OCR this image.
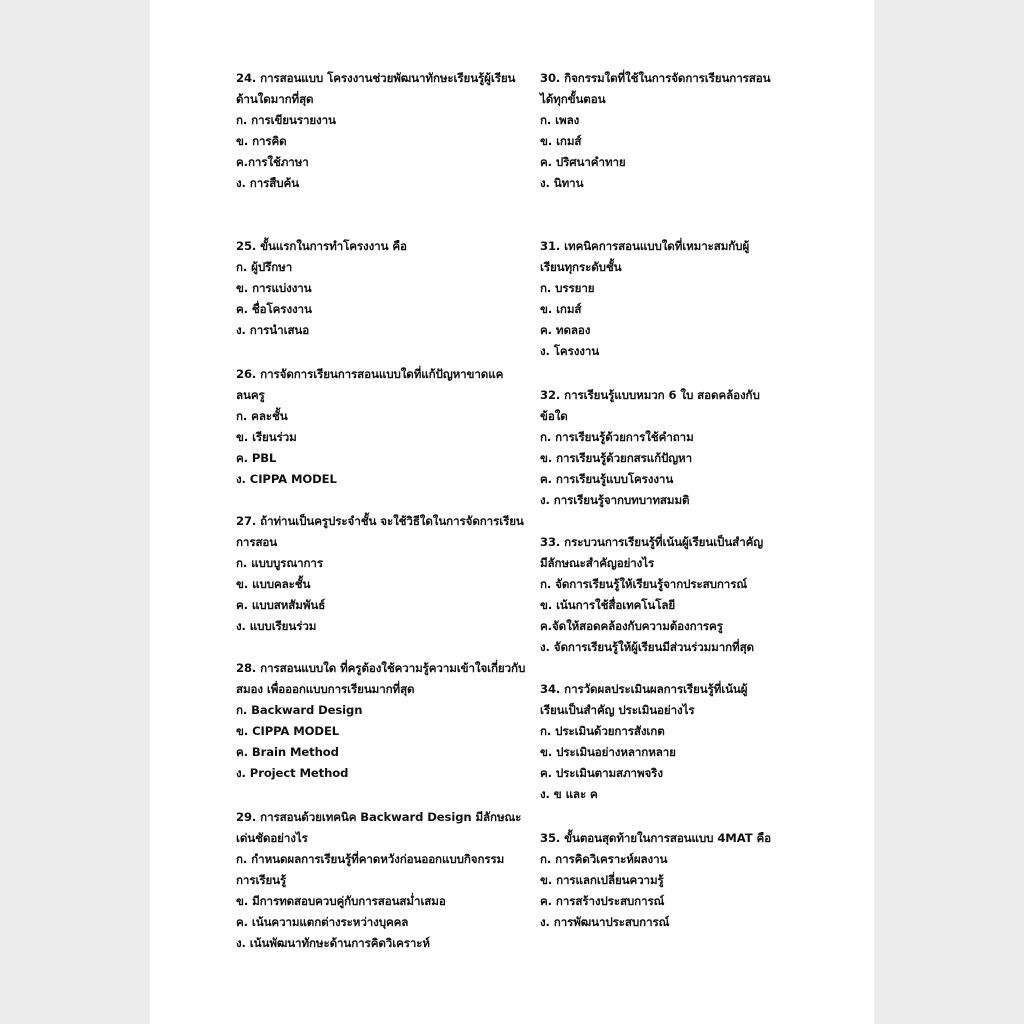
24. การสอนแบบ โครงงานช่วยพัฒนาทักษะเรียนรู้ผู้เรียน
ด้านใดมากที่สุด
ก. การเขียนรายงาน
ข. การคิด
ค.การใช้ภาษา
ง. การสืบค้น
25. ขั้นแรกในการทำโครงงาน คือ
ก. ผู้ปรึกษา
ข. การแบ่งงาน
ค. ชื่อโครงงาน
ง. การนำเสนอ
26. การจัดการเรียนการสอนแบบใดที่แก้ปัญหาขาดแค
ลนครู
ก. คละชั้น
ข. เรียนร่วม
ค. PBL
ง. CIPPA MODEL
27. ถ้าท่านเป็นครูประจำชั้น จะใช้วิธีใดในการจัดการเรียน
การสอน
ก. แบบบูรณาการ
ข. แบบคละชั้น
ค. แบบสหสัมพันธ์
ง. แบบเรียนร่วม
28. การสอนแบบใด ที่ครูต้องใช้ความรู้ความเข้าใจเกี่ยวกับ
สมอง เพื่อออกแบบการเรียนมากที่สุด
ก. Backward Design
ข. CIPPA MODEL
ค. Brain Method
ง. Project Method
29. การสอนด้วยเทคนิค Backward Design มีลักษณะ
เด่นชัดอย่างไร
ก. กำหนดผลการเรียนรู้ที่คาดหวังก่อนออกแบบกิจกรรม
การเรียนรู้
ข. มีการทดสอบควบคู่กับการสอนสม่ำเสมอ
ค. เน้นความแตกต่างระหว่างบุคคล
ง. เน้นพัฒนาทักษะด้านการคิดวิเคราะห์
30. กิจกรรมใดที่ใช้ในการจัดการเรียนการสอน
ได้ทุกขั้นตอน
ก. เพลง
ข. เกมส์
ค. ปริศนาคำทาย
ง. นิทาน
31. เทคนิคการสอนแบบใดที่เหมาะสมกับผู้
เรียนทุกระดับชั้น
ก. บรรยาย
ข. เกมส์
ค. ทดลอง
ง. โครงงาน
32. การเรียนรู้แบบหมวก 6 ใบ สอดคล้องกับ
ข้อใด
ก. การเรียนรู้ด้วยการใช้คำถาม
ข. การเรียนรู้ด้วยกสรแก้ปัญหา
ค. การเรียนรู้แบบโครงงาน
ง. การเรียนรู้จากบทบาทสมมติ
33. กระบวนการเรียนรู้ที่เน้นผู้เรียนเป็นสำคัญ
มีลักษณะสำคัญอย่างไร
ก. จัดการเรียนรู้ให้เรียนรู้จากประสบการณ์
ข. เน้นการใช้สื่อเทคโนโลยี
ค.จัดให้สอดคล้องกับความต้องการครู
ง. จัดการเรียนรู้ให้ผู้เรียนมีส่วนร่วมมากที่สุด
34. การวัดผลประเมินผลการเรียนรู้ที่เน้นผู้
เรียนเป็นสำคัญ ประเมินอย่างไร
ก. ประเมินด้วยการสังเกต
ข. ประเมินอย่างหลากหลาย
ค. ประเมินตามสภาพจริง
ง. ข และ ค
35. ขั้นตอนสุดท้ายในการสอนแบบ 4MAT คือ
ก. การคิดวิเคราะห์ผลงาน
ข. การแลกเปลี่ยนความรู้
ค. การสร้างประสบการณ์
ง. การพัฒนาประสบการณ์
